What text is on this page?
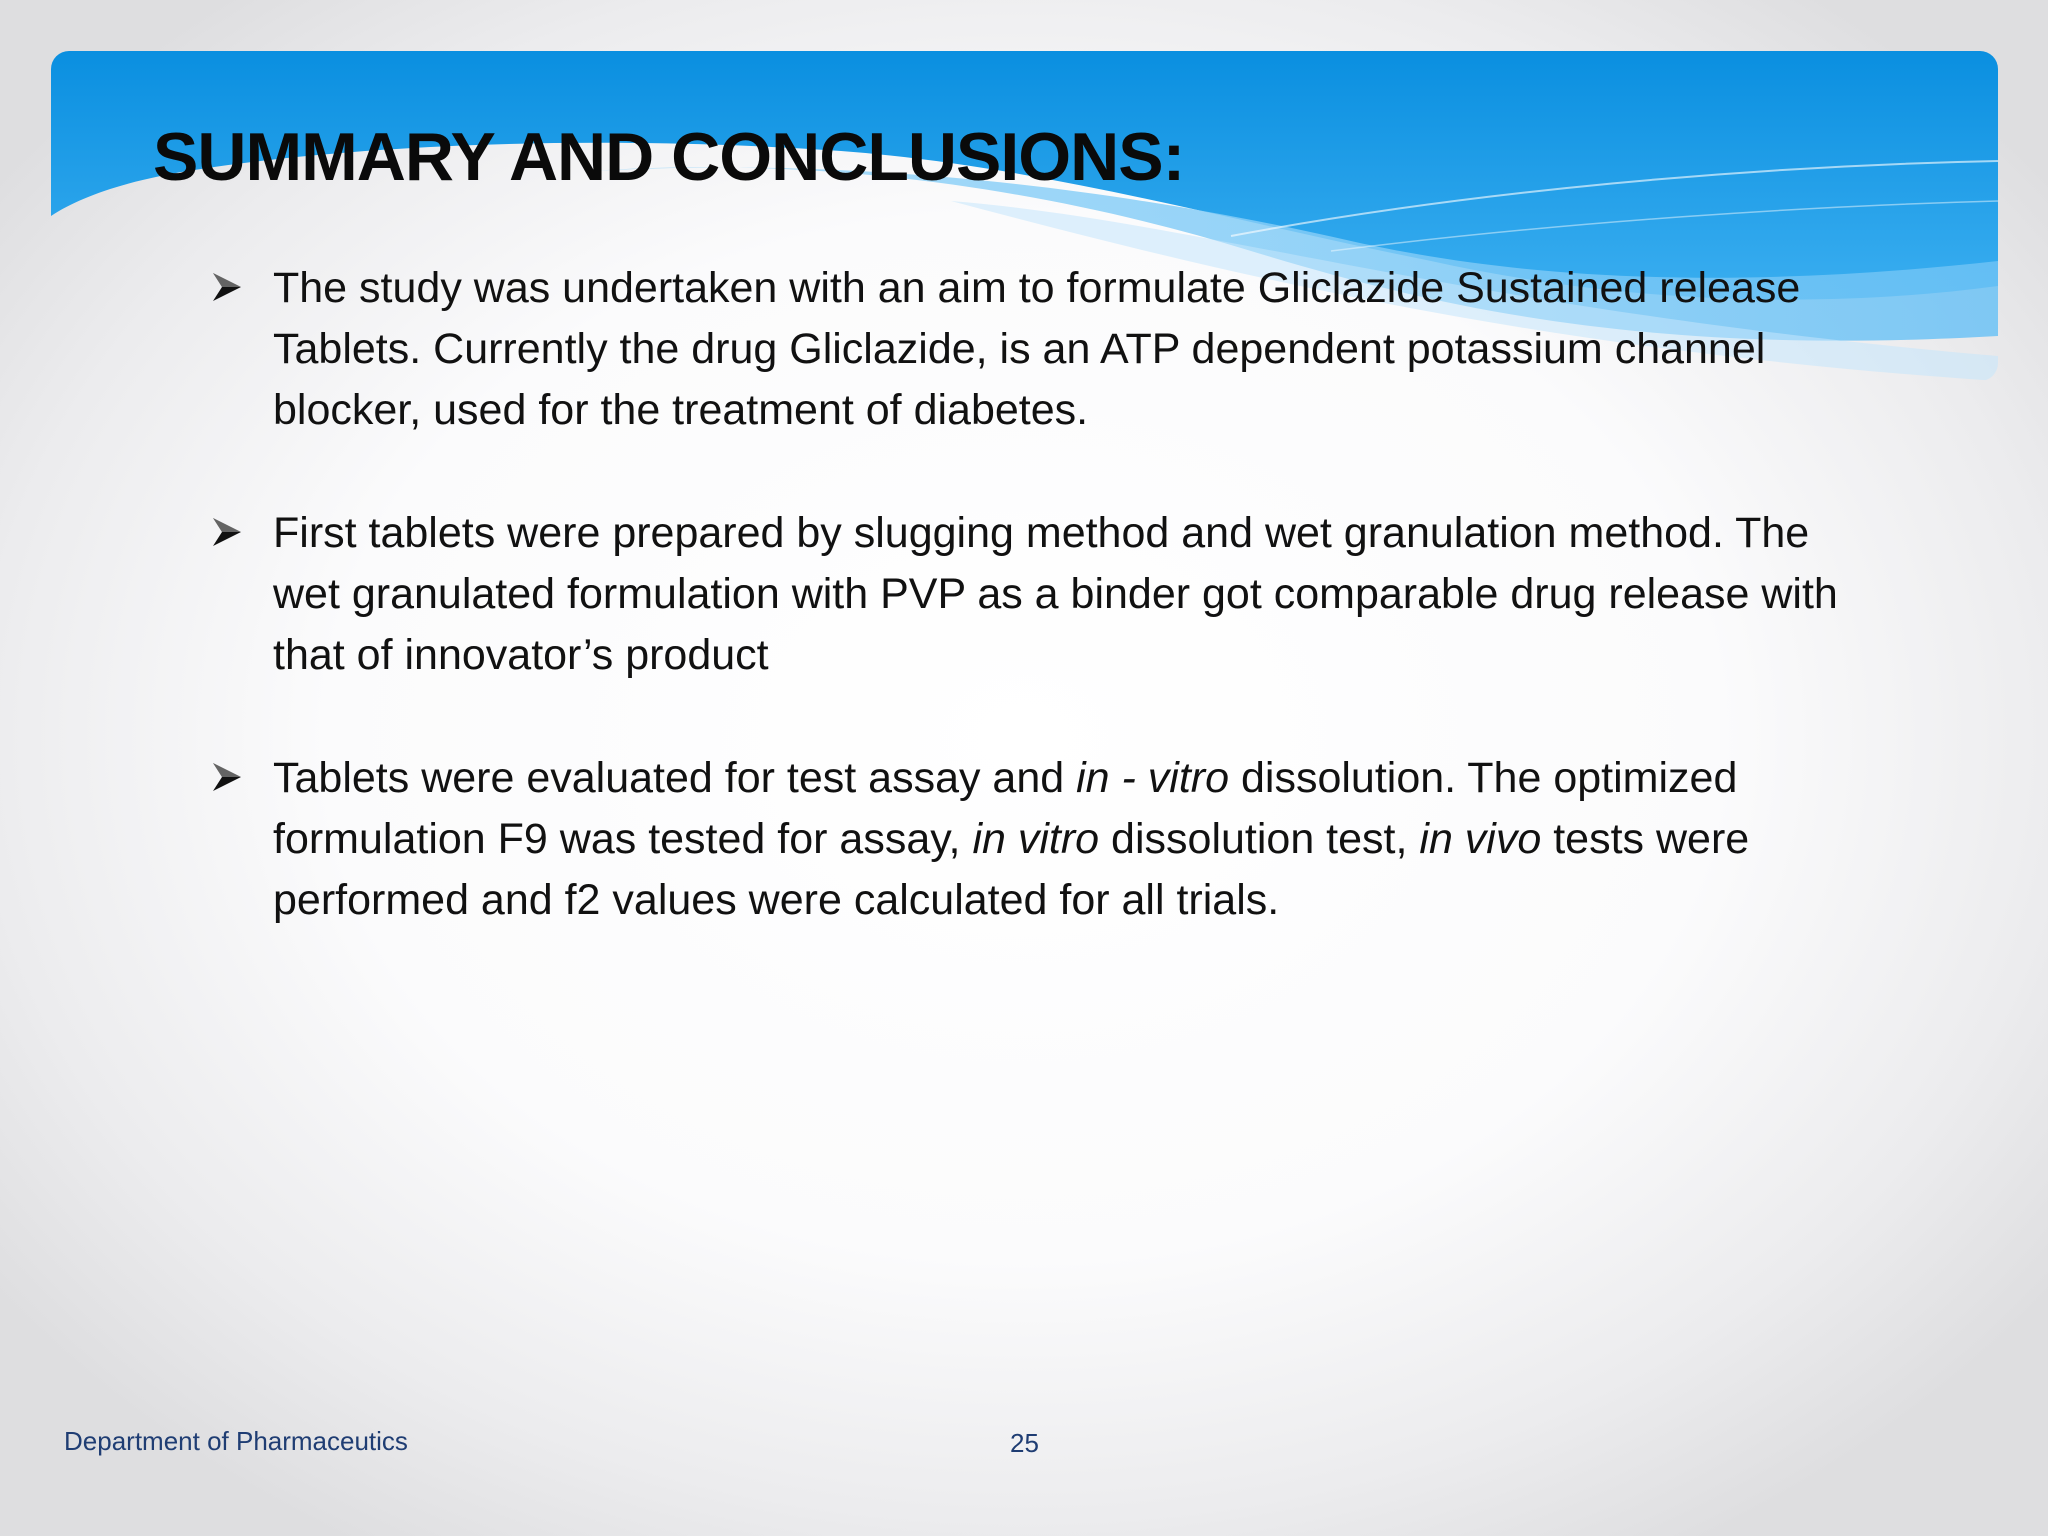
SUMMARY AND CONCLUSIONS:
The study was undertaken with an aim to formulate Gliclazide Sustained release Tablets. Currently the drug Gliclazide, is an ATP dependent potassium channel blocker, used for the treatment of diabetes.
First tablets were prepared by slugging method and wet granulation method. The wet granulated formulation with PVP as a binder got comparable drug release with that of innovator’s product
Tablets were evaluated for test assay and in - vitro dissolution. The optimized formulation F9 was tested for assay, in vitro dissolution test, in vivo tests were performed and f2 values were calculated for all trials.
Department of Pharmaceutics	25
